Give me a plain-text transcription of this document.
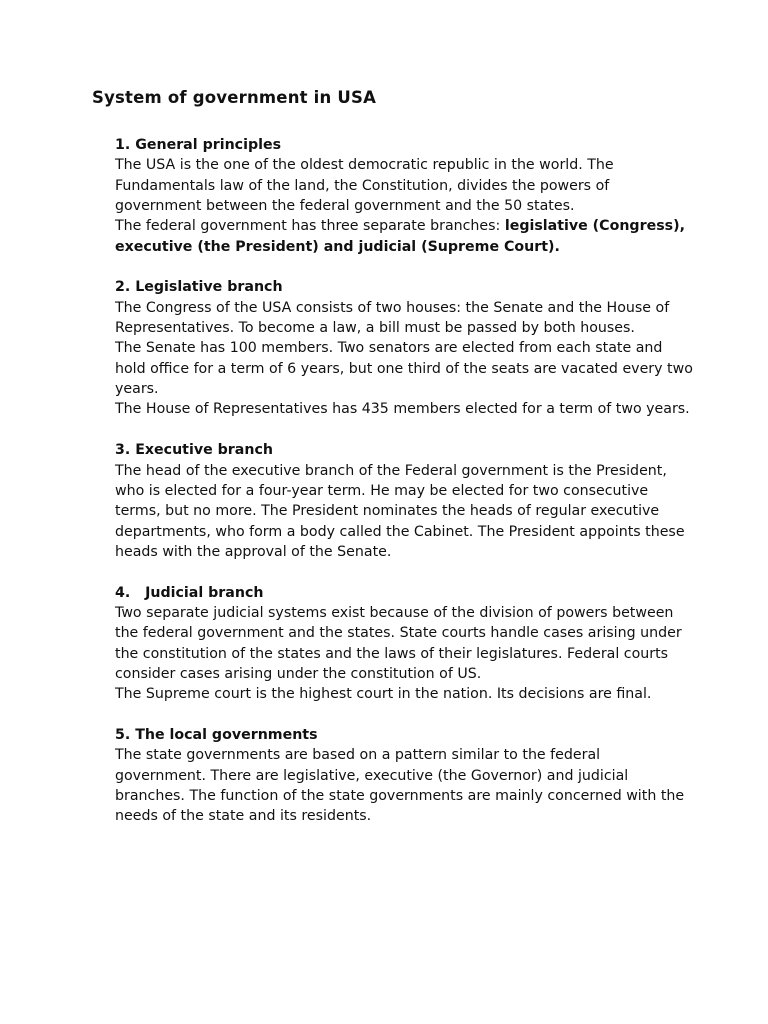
System of government in USA
1. General principles
The USA is the one of the oldest democratic republic in the world. The Fundamentals law of the land, the Constitution, divides the powers of government between the federal government and the 50 states.
The federal government has three separate branches: legislative (Congress), executive (the President) and judicial (Supreme Court).
2. Legislative branch
The Congress of the USA consists of two houses: the Senate and the House of Representatives. To become a law, a bill must be passed by both houses.
The Senate has 100 members. Two senators are elected from each state and hold office for a term of 6 years, but one third of the seats are vacated every two years.
The House of Representatives has 435 members elected for a term of two years.
3. Executive branch
The head of the executive branch of the Federal government is the President, who is elected for a four-year term. He may be elected for two consecutive terms, but no more. The President nominates the heads of regular executive departments, who form a body called the Cabinet. The President appoints these heads with the approval of the Senate.
4.   Judicial branch
Two separate judicial systems exist because of the division of powers between the federal government and the states. State courts handle cases arising under the constitution of the states and the laws of their legislatures. Federal courts consider cases arising under the constitution of US.
The Supreme court is the highest court in the nation. Its decisions are final.
5. The local governments
The state governments are based on a pattern similar to the federal government. There are legislative, executive (the Governor) and judicial branches. The function of the state governments are mainly concerned with the needs of the state and its residents.
